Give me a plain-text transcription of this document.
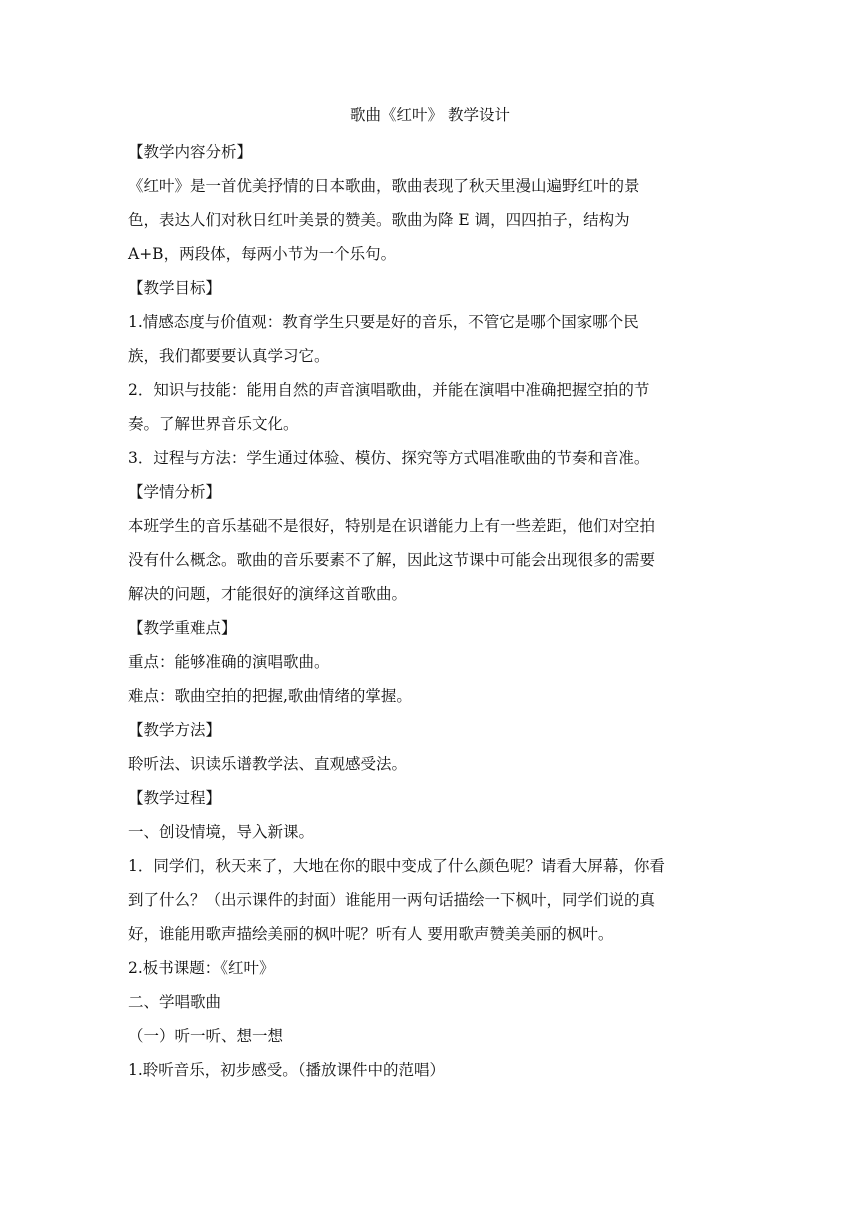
歌曲《红叶》 教学设计
【教学内容分析】
《红叶》是一首优美抒情的日本歌曲，歌曲表现了秋天里漫山遍野红叶的景
色，表达人们对秋日红叶美景的赞美。歌曲为降 E 调，四四拍子，结构为
A+B，两段体，每两小节为一个乐句。
【教学目标】
1.情感态度与价值观：教育学生只要是好的音乐，不管它是哪个国家哪个民
族，我们都要要认真学习它。
2．知识与技能：能用自然的声音演唱歌曲，并能在演唱中准确把握空拍的节
奏。了解世界音乐文化。
3．过程与方法：学生通过体验、模仿、探究等方式唱准歌曲的节奏和音准。
【学情分析】
本班学生的音乐基础不是很好，特别是在识谱能力上有一些差距，他们对空拍
没有什么概念。歌曲的音乐要素不了解，因此这节课中可能会出现很多的需要
解决的问题，才能很好的演绎这首歌曲。
【教学重难点】
重点：能够准确的演唱歌曲。
难点：歌曲空拍的把握,歌曲情绪的掌握。
【教学方法】
聆听法、识读乐谱教学法、直观感受法。
【教学过程】
一、创设情境，导入新课。
1．同学们，秋天来了，大地在你的眼中变成了什么颜色呢？请看大屏幕，你看
到了什么？（出示课件的封面）谁能用一两句话描绘一下枫叶，同学们说的真
好，谁能用歌声描绘美丽的枫叶呢？听有人 要用歌声赞美美丽的枫叶。
2.板书课题：《红叶》
二、学唱歌曲
（一）听一听、想一想
1.聆听音乐，初步感受。（播放课件中的范唱）
